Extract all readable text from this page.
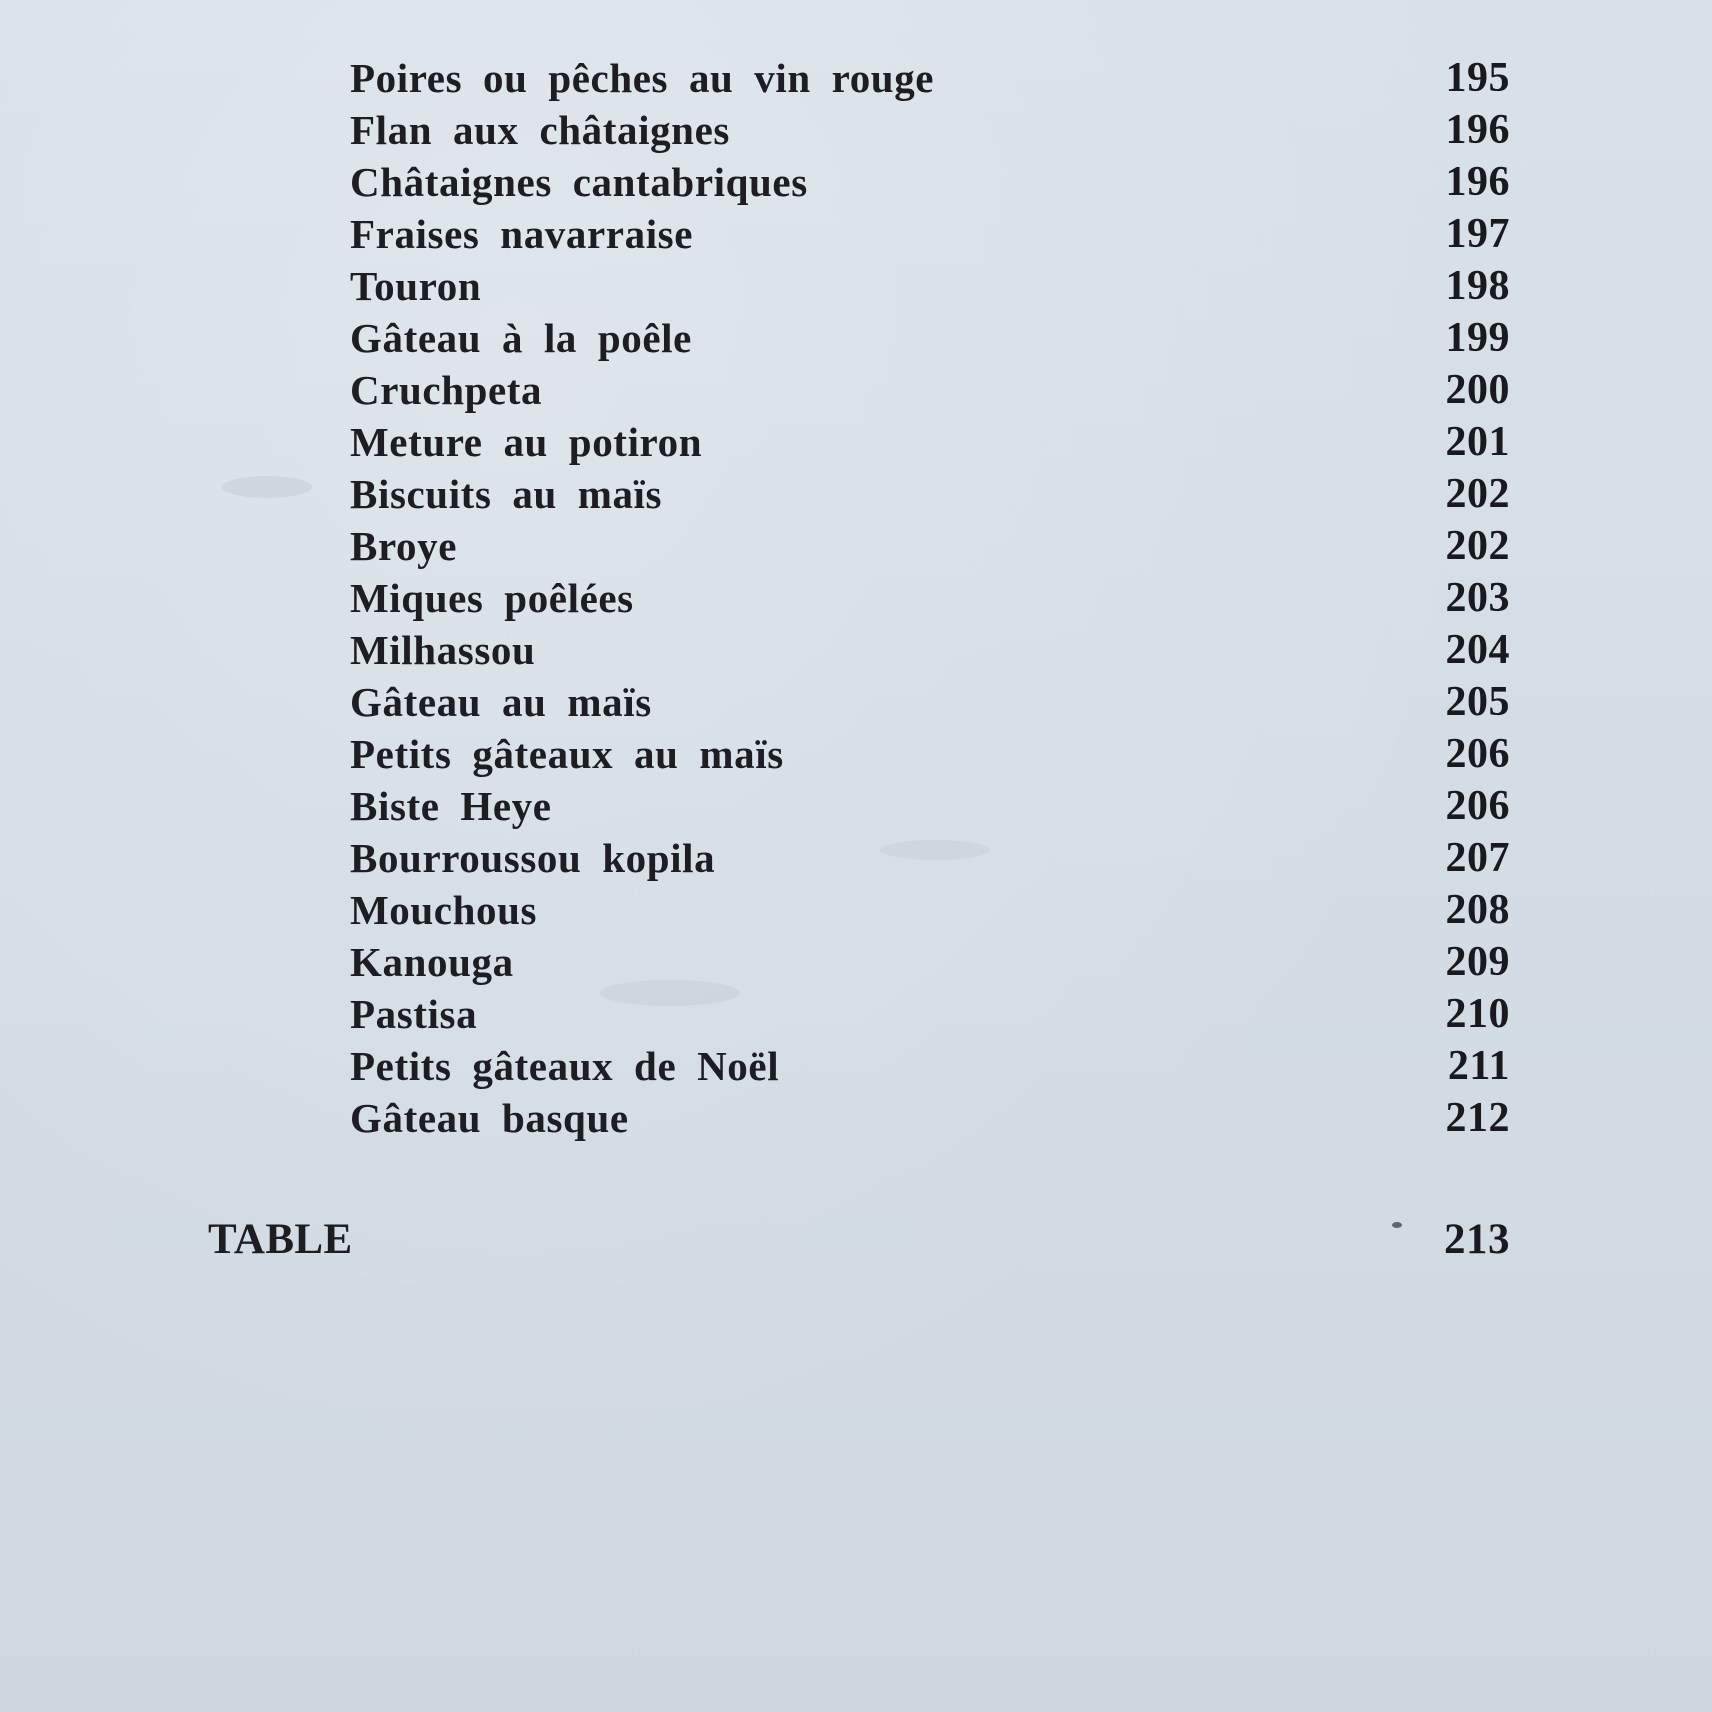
Poires ou pêches au vin rouge	195
Flan aux châtaignes	196
Châtaignes cantabriques	196
Fraises navarraise	197
Touron	198
Gâteau à la poêle	199
Cruchpeta	200
Meture au potiron	201
Biscuits au maïs	202
Broye	202
Miques poêlées	203
Milhassou	204
Gâteau au maïs	205
Petits gâteaux au maïs	206
Biste Heye	206
Bourroussou kopila	207
Mouchous	208
Kanouga	209
Pastisa	210
Petits gâteaux de Noël	211
Gâteau basque	212
TABLE	213
